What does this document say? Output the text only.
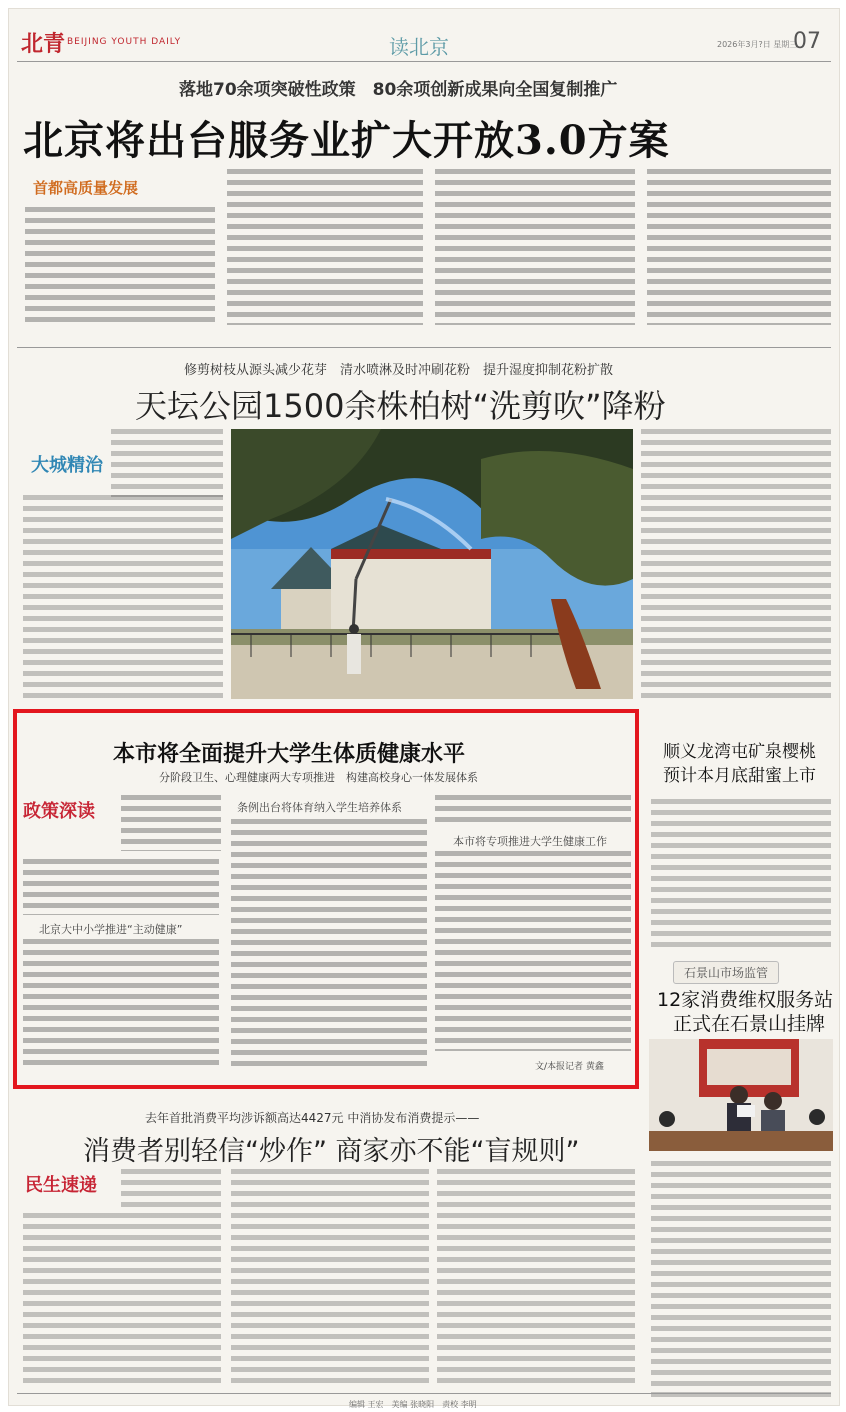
北青 BEIJING YOUTH DAILY	读北京	2026年3月?日 星期三
07
落地70余项突破性政策　80余项创新成果向全国复制推广
北京将出台服务业扩大开放3.0方案
首都高质量发展
修剪树枝从源头减少花芽　清水喷淋及时冲刷花粉　提升湿度抑制花粉扩散
天坛公园1500余株柏树“洗剪吹”降粉
大城精治
本市将全面提升大学生体质健康水平
分阶段卫生、心理健康两大专项推进　构建高校身心一体发展体系
政策深读
北京大中小学推进“主动健康”
条例出台将体育纳入学生培养体系
本市将专项推进大学生健康工作
文/本报记者 黄鑫
顺义龙湾屯矿泉樱桃
预计本月底甜蜜上市
石景山市场监管
12家消费维权服务站
正式在石景山挂牌
去年首批消费平均涉诉额高达4427元 中消协发布消费提示——
消费者别轻信“炒作” 商家亦不能“盲规则”
民生速递
编辑 王宏　美编 张晓阳　责校 李明
